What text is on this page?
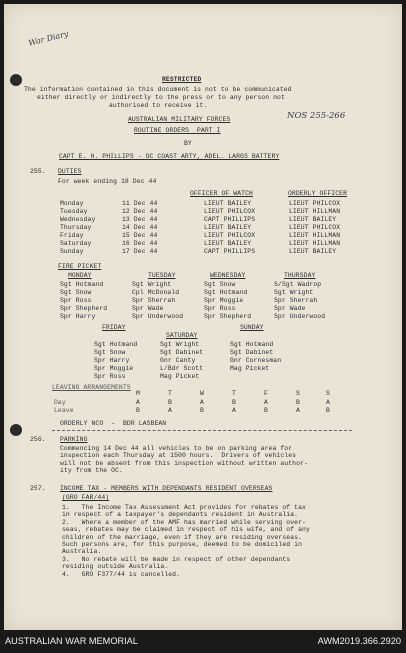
War Diary
NOS 255-266
RESTRICTED
The information contained in this document is not to be communicated
either directly or indirectly to the press or to any person not
authorised to receive it.
AUSTRALIAN MILITARY FORCES
ROUTINE ORDERS  PART I
BY
CAPT E. H. PHILLIPS - OC COAST ARTY, ADEL. LARGS BATTERY
255. DUTIES
For week ending 18 Dec 44
OFFICER OF WATCH	ORDERLY OFFICER
Monday	11 Dec 44	LIEUT BAILEY	LIEUT PHILCOX
Tuesday	12 Dec 44	LIEUT PHILCOX	LIEUT HILLMAN
Wednesday	13 Dec 44	CAPT PHILLIPS	LIEUT BAILEY
Thursday	14 Dec 44	LIEUT BAILEY	LIEUT PHILCOX
Friday	15 Dec 44	LIEUT PHILCOX	LIEUT HILLMAN
Saturday	16 Dec 44	LIEUT BAILEY	LIEUT HILLMAN
Sunday	17 Dec 44	CAPT PHILLIPS	LIEUT BAILEY
FIRE PICKET
MONDAY	TUESDAY	WEDNESDAY	THURSDAY
Sgt Hotmand	Sgt Wright	Sgt Snow	S/Sgt Wadrop
Sgt Snow	Cpl McDonald	Sgt Hotmand	Sgt Wright
Spr Ross	Spr Sherrah	Spr Moggie	Spr Sherrah
Spr Shepherd	Spr Wade	Spr Ross	Spr Wade
Spr Harry	Spr Underwood	Spr Shepherd	Spr Underwood
FRIDAY
SATURDAY
SUNDAY
Sgt Hotmand	Sgt Wright	Sgt Hotmand
Sgt Snow	Sgt Dabinet	Sgt Dabinet
Spr Harry	Gnr Canty	Gnr Cornesman
Spr Moggie	L/Bdr Scott	Mag Picket
Spr Ross	Mag Picket
LEAVING ARRANGEMENTS
M	T	W	T	F	S	S
Day	A	B	A	B	A	B	A
Leave	B	A	B	A	B	A	B
ORDERLY NCO  -  BDR LASBEAN
256. PARKING
Commencing 14 Dec 44 all vehicles to be on parking area for
inspection each Thursday at 1500 hours.  Drivers of vehicles
will not be absent from this inspection without written author-
ity from the OC.
257. INCOME TAX - MEMBERS WITH DEPENDANTS RESIDENT OVERSEAS
(GRO FAR/44)
1.   The Income Tax Assessment Act provides for rebates of tax
in respect of a taxpayer's dependants resident in Australia.
2.   Where a member of the AMF has married while serving over-
seas, rebates may be claimed in respect of his wife, and of any
children of the marriage, even if they are residing overseas.
Such persons are, for this purpose, deemed to be domiciled in
Australia.
3.   No rebate will be made in respect of other dependants
residing outside Australia.
4.   GRO F377/44 is cancelled.
AUSTRALIAN WAR MEMORIAL	AWM2019.366.2920
